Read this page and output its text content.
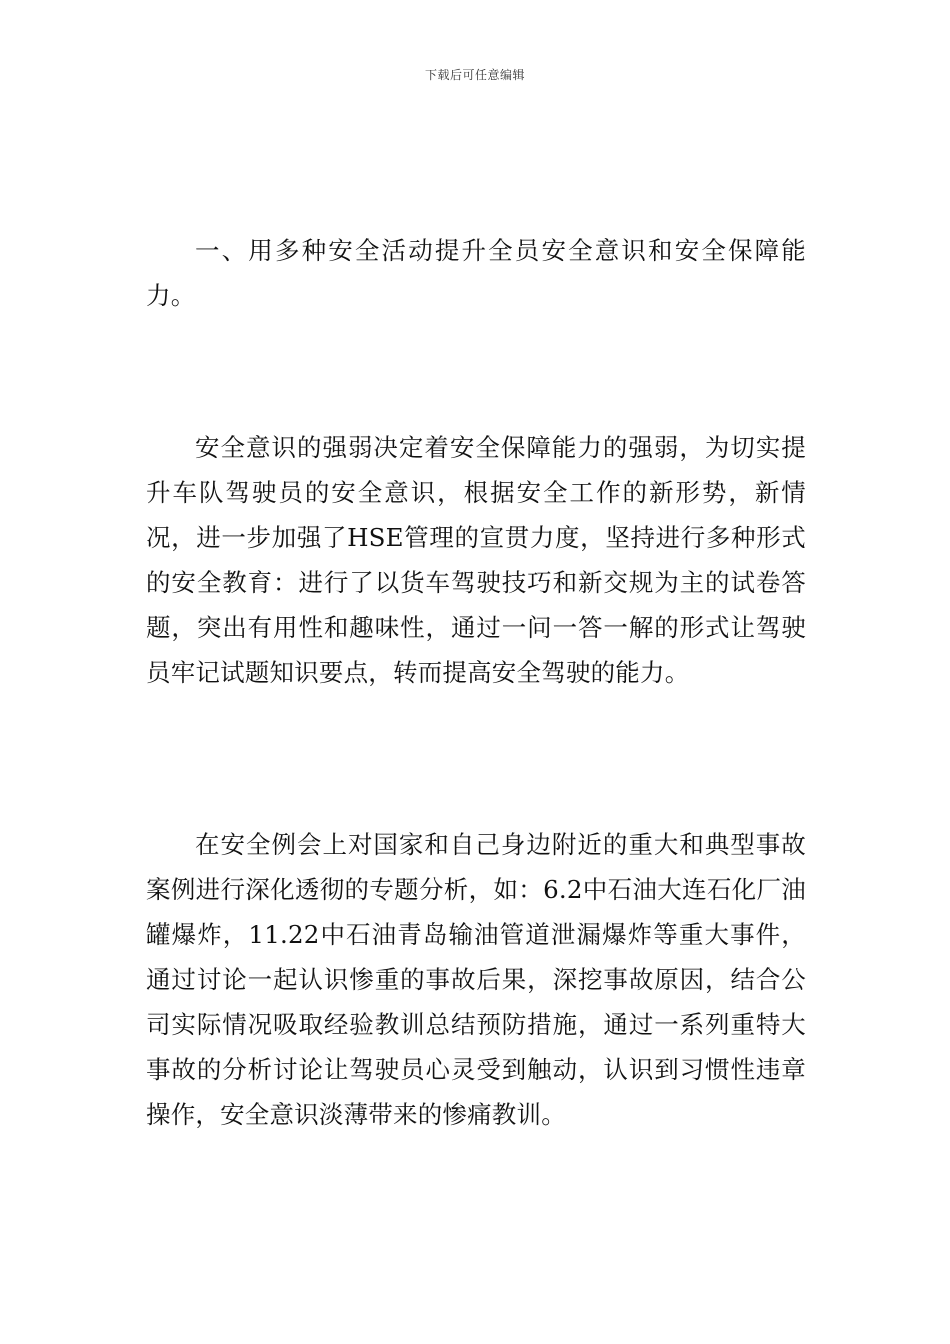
下载后可任意编辑

一、用多种安全活动提升全员安全意识和安全保障能力。

安全意识的强弱决定着安全保障能力的强弱，为切实提升车队驾驶员的安全意识，根据安全工作的新形势，新情况，进一步加强了HSE管理的宣贯力度，坚持进行多种形式的安全教育：进行了以货车驾驶技巧和新交规为主的试卷答题，突出有用性和趣味性，通过一问一答一解的形式让驾驶员牢记试题知识要点，转而提高安全驾驶的能力。

在安全例会上对国家和自己身边附近的重大和典型事故案例进行深化透彻的专题分析，如：6.2中石油大连石化厂油罐爆炸，11.22中石油青岛输油管道泄漏爆炸等重大事件，通过讨论一起认识惨重的事故后果，深挖事故原因，结合公司实际情况吸取经验教训总结预防措施，通过一系列重特大事故的分析讨论让驾驶员心灵受到触动，认识到习惯性违章操作，安全意识淡薄带来的惨痛教训。
